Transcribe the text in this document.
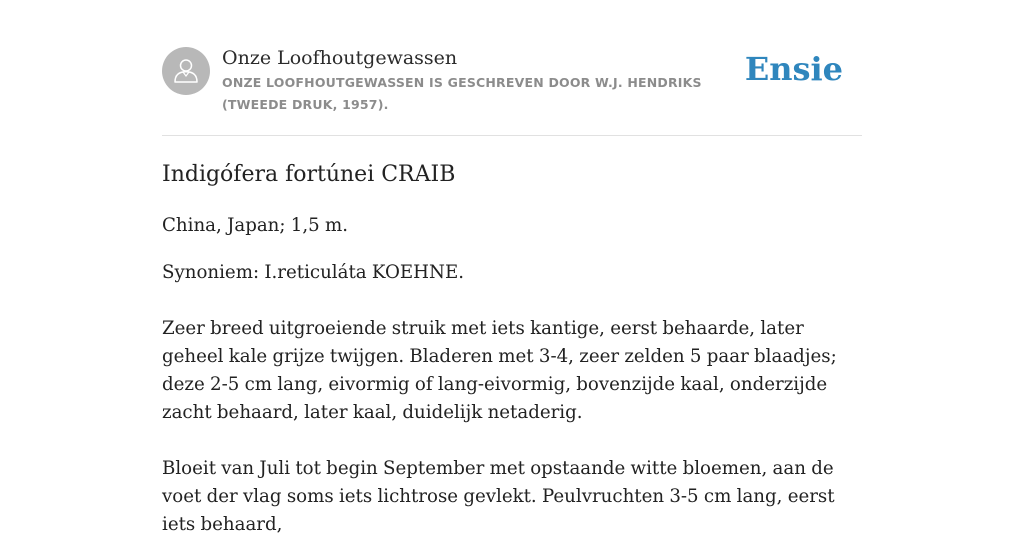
Onze Loofhoutgewassen
ONZE LOOFHOUTGEWASSEN IS GESCHREVEN DOOR W.J. HENDRIKS (TWEEDE DRUK, 1957).
Ensie
Indigófera fortúnei CRAIB

China, Japan; 1,5 m.

Synoniem: I.reticuláta KOEHNE.

Zeer breed uitgroeiende struik met iets kantige, eerst behaarde, later geheel kale grijze twijgen. Bladeren met 3-4, zeer zelden 5 paar blaadjes; deze 2-5 cm lang, eivormig of lang-eivormig, bovenzijde kaal, onderzijde zacht behaard, later kaal, duidelijk netaderig.

Bloeit van Juli tot begin September met opstaande witte bloemen, aan de voet der vlag soms iets lichtrose gevlekt. Peulvruchten 3-5 cm lang, eerst iets behaard,
